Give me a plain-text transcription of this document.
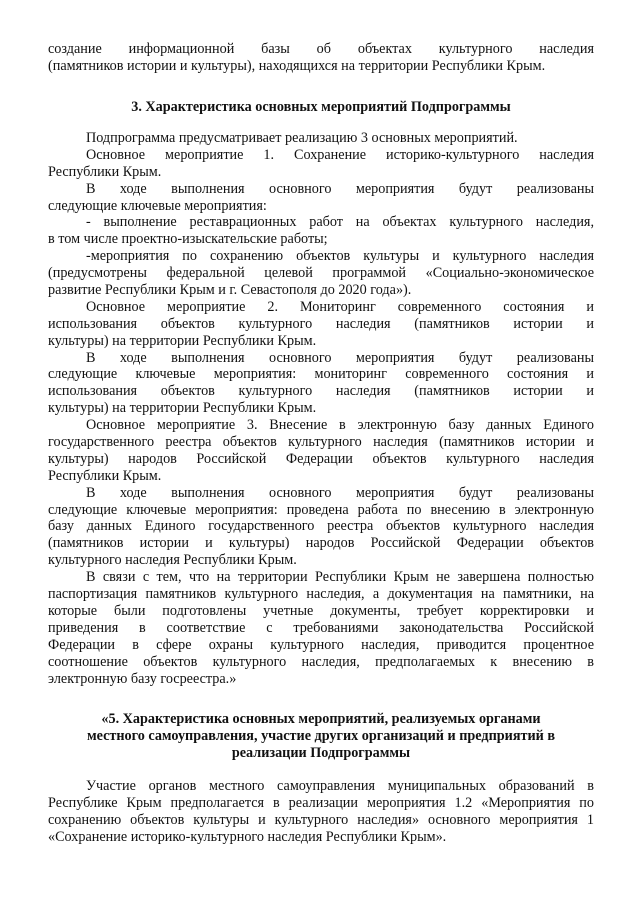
создание информационной базы об объектах культурного наследия
(памятников истории и культуры), находящихся на территории Республики Крым.
3. Характеристика основных мероприятий Подпрограммы
Подпрограмма предусматривает реализацию 3 основных мероприятий.
Основное мероприятие 1. Сохранение историко-культурного наследия
Республики Крым.
В ходе выполнения основного мероприятия будут реализованы
следующие ключевые мероприятия:
- выполнение реставрационных работ на объектах культурного наследия,
в том числе проектно-изыскательские работы;
-мероприятия по сохранению объектов культуры и культурного наследия
(предусмотрены федеральной целевой программой «Социально-экономическое
развитие Республики Крым и г. Севастополя до 2020 года»).
Основное мероприятие 2. Мониторинг современного состояния и
использования объектов культурного наследия (памятников истории и
культуры) на территории Республики Крым.
В ходе выполнения основного мероприятия будут реализованы
следующие ключевые мероприятия: мониторинг современного состояния и
использования объектов культурного наследия (памятников истории и
культуры) на территории Республики Крым.
Основное мероприятие 3. Внесение в электронную базу данных Единого
государственного реестра объектов культурного наследия (памятников истории и
культуры) народов Российской Федерации объектов культурного наследия
Республики Крым.
В ходе выполнения основного мероприятия будут реализованы
следующие ключевые мероприятия: проведена работа по внесению в электронную
базу данных Единого государственного реестра объектов культурного наследия
(памятников истории и культуры) народов Российской Федерации объектов
культурного наследия Республики Крым.
В связи с тем, что на территории Республики Крым не завершена полностью
паспортизация памятников культурного наследия, а документация на памятники, на
которые были подготовлены учетные документы, требует корректировки и
приведения в соответствие с требованиями законодательства Российской
Федерации в сфере охраны культурного наследия, приводится процентное
соотношение объектов культурного наследия, предполагаемых к внесению в
электронную базу госреестра.»
«5. Характеристика основных мероприятий, реализуемых органами
местного самоуправления, участие других организаций и предприятий в
реализации Подпрограммы
Участие органов местного самоуправления муниципальных образований в
Республике Крым предполагается в реализации мероприятия 1.2 «Мероприятия по
сохранению объектов культуры и культурного наследия» основного мероприятия 1
«Сохранение историко-культурного наследия Республики Крым».
